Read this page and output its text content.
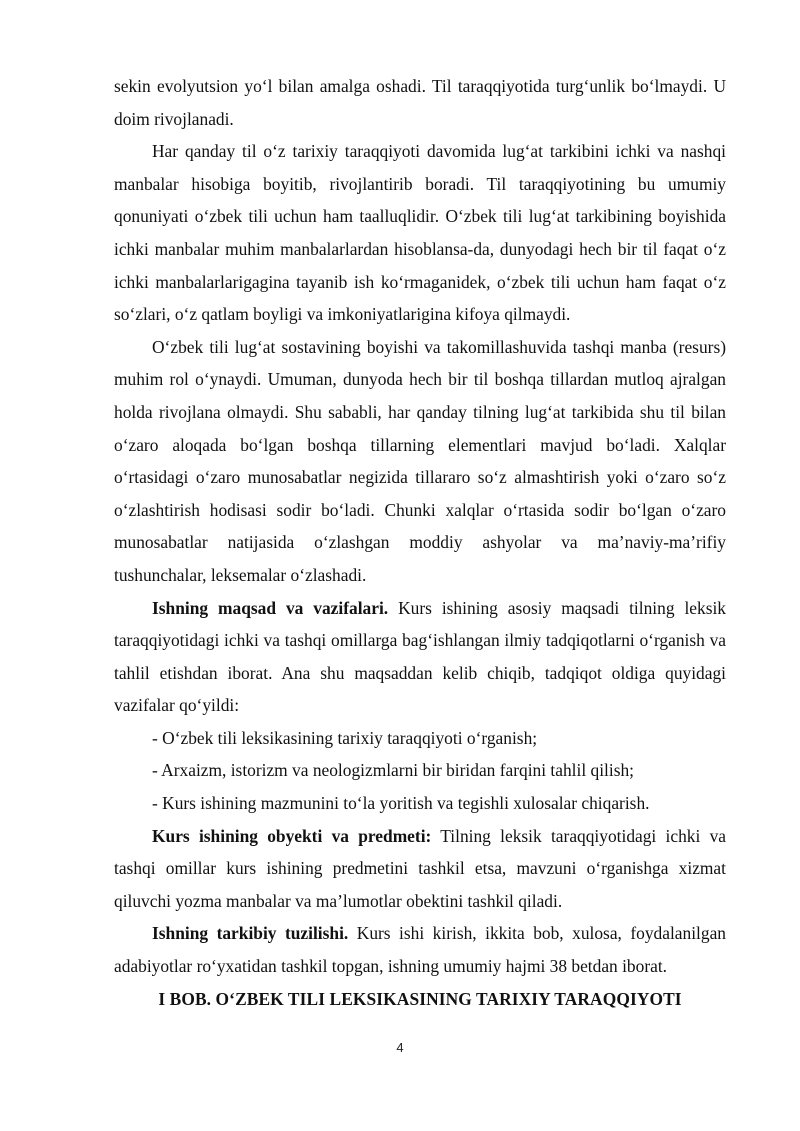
sekin evolyutsion yo‘l bilan amalga oshadi. Til taraqqiyotida turg‘unlik bo‘lmaydi. U doim rivojlanadi.

Har qanday til o‘z tarixiy taraqqiyoti davomida lug‘at tarkibini ichki va nashqi manbalar hisobiga boyitib, rivojlantirib boradi. Til taraqqiyotining bu umumiy qonuniyati o‘zbek tili uchun ham taalluqlidir. O‘zbek tili lug‘at tarkibining boyishida ichki manbalar muhim manbalarlardan hisoblansa-da, dunyodagi hech bir til faqat o‘z ichki manbalarlarigagina tayanib ish ko‘rmaganidek, o‘zbek tili uchun ham faqat o‘z so‘zlari, o‘z qatlam boyligi va imkoniyatlarigina kifoya qilmaydi.

O‘zbek tili lug‘at sostavining boyishi va takomillashuvida tashqi manba (resurs) muhim rol o‘ynaydi. Umuman, dunyoda hech bir til boshqa tillardan mutloq ajralgan holda rivojlana olmaydi. Shu sababli, har qanday tilning lug‘at tarkibida shu til bilan o‘zaro aloqada bo‘lgan boshqa tillarning elementlari mavjud bo‘ladi. Xalqlar o‘rtasidagi o‘zaro munosabatlar negizida tillararo so‘z almashtirish yoki o‘zaro so‘z o‘zlashtirish hodisasi sodir bo‘ladi. Chunki xalqlar o‘rtasida sodir bo‘lgan o‘zaro munosabatlar natijasida o‘zlashgan moddiy ashyolar va ma’naviy-ma’rifiy tushunchalar, leksemalar o‘zlashadi.

Ishning maqsad va vazifalari. Kurs ishining asosiy maqsadi tilning leksik taraqqiyotidagi ichki va tashqi omillarga bag‘ishlangan ilmiy tadqiqotlarni o‘rganish va tahlil etishdan iborat. Ana shu maqsaddan kelib chiqib, tadqiqot oldiga quyidagi vazifalar qo‘yildi:

- O‘zbek tili leksikasining tarixiy taraqqiyoti o‘rganish;

- Arxaizm, istorizm va neologizmlarni bir biridan farqini tahlil qilish;

- Kurs ishining mazmunini to‘la yoritish va tegishli xulosalar chiqarish.

Kurs ishining obyekti va predmeti: Tilning leksik taraqqiyotidagi ichki va tashqi omillar kurs ishining predmetini tashkil etsa, mavzuni o‘rganishga xizmat qiluvchi yozma manbalar va ma’lumotlar obektini tashkil qiladi.

Ishning tarkibiy tuzilishi. Kurs ishi kirish, ikkita bob, xulosa, foydalanilgan adabiyotlar ro‘yxatidan tashkil topgan, ishning umumiy hajmi 38 betdan iborat.

I BOB. O‘ZBEK TILI LEKSIKASINING TARIXIY TARAQQIYOTI

4
